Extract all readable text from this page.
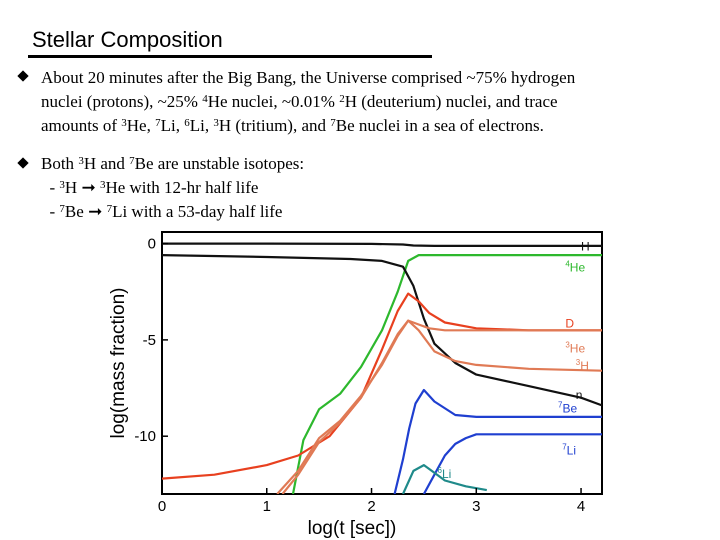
Stellar Composition
About 20 minutes after the Big Bang, the Universe comprised ~75% hydrogen
nuclei (protons), ~25% $^4$He nuclei, ~0.01% $^2$H (deuterium) nuclei, and trace
amounts of $^3$He, $^7$Li, $^6$Li, $^3$H (tritium), and $^7$Be nuclei in a sea of electrons.
Both $^3$H and $^7$Be are unstable isotopes:
- $^3$H ➞ $^3$He with 12-hr half life
- $^7$Be ➞ $^7$Li with a 53-day half life
H
$^4$He
n
D
$^3$He
$^3$H
$^7$Be
$^7$Li
$^6$Li
0	1	2	3	4
0
-5
-10
log(t [sec])
log(mass fraction)
